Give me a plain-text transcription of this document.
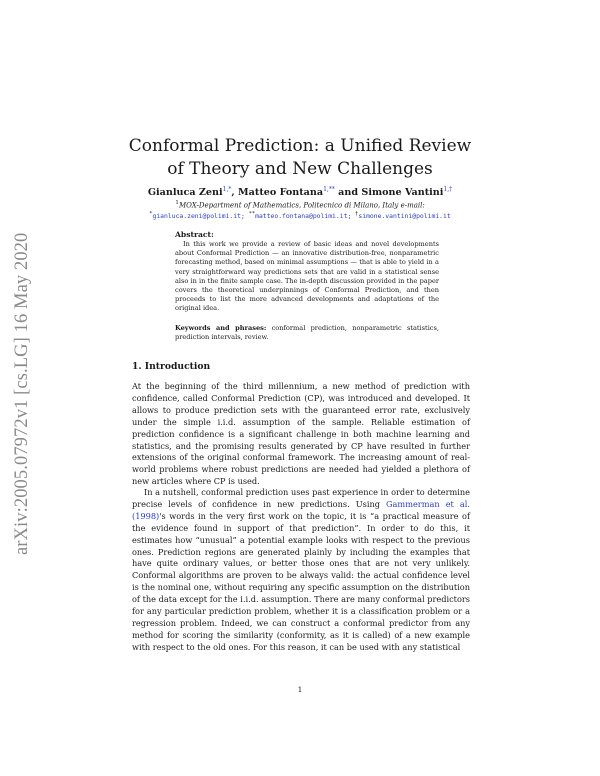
arXiv:2005.07972v1 [cs.LG] 16 May 2020
Conformal Prediction: a Unified Review
of Theory and New Challenges
Gianluca Zeni$^{1,*}$, Matteo Fontana$^{1,**}$ and Simone Vantini$^{1,\dagger}$
$^1$MOX-Department of Mathematics, Politecnico di Milano, Italy e-mail:
*gianluca.zeni@polimi.it; **matteo.fontana@polimi.it; †simone.vantini@polimi.it
Abstract:
In this work we provide a review of basic ideas and novel developments about Conformal Prediction — an innovative distribution-free, nonparametric forecasting method, based on minimal assumptions — that is able to yield in a very straightforward way predictions sets that are valid in a statistical sense also in in the finite sample case. The in-depth discussion provided in the paper covers the theoretical underpinnings of Conformal Prediction, and then proceeds to list the more advanced developments and adaptations of the original idea.
Keywords and phrases: conformal prediction, nonparametric statistics, prediction intervals, review.
1. Introduction
At the beginning of the third millennium, a new method of prediction with confidence, called Conformal Prediction (CP), was introduced and developed. It allows to produce prediction sets with the guaranteed error rate, exclusively under the simple i.i.d. assumption of the sample. Reliable estimation of prediction confidence is a significant challenge in both machine learning and statistics, and the promising results generated by CP have resulted in further extensions of the original conformal framework. The increasing amount of real-world problems where robust predictions are needed had yielded a plethora of new articles where CP is used.
In a nutshell, conformal prediction uses past experience in order to determine precise levels of confidence in new predictions. Using Gammerman et al. (1998)'s words in the very first work on the topic, it is “a practical measure of the evidence found in support of that prediction”. In order to do this, it estimates how “unusual” a potential example looks with respect to the previous ones. Prediction regions are generated plainly by including the examples that have quite ordinary values, or better those ones that are not very unlikely. Conformal algorithms are proven to be always valid: the actual confidence level is the nominal one, without requiring any specific assumption on the distribution of the data except for the i.i.d. assumption. There are many conformal predictors for any particular prediction problem, whether it is a classification problem or a regression problem. Indeed, we can construct a conformal predictor from any method for scoring the similarity (conformity, as it is called) of a new example with respect to the old ones. For this reason, it can be used with any statistical
1
